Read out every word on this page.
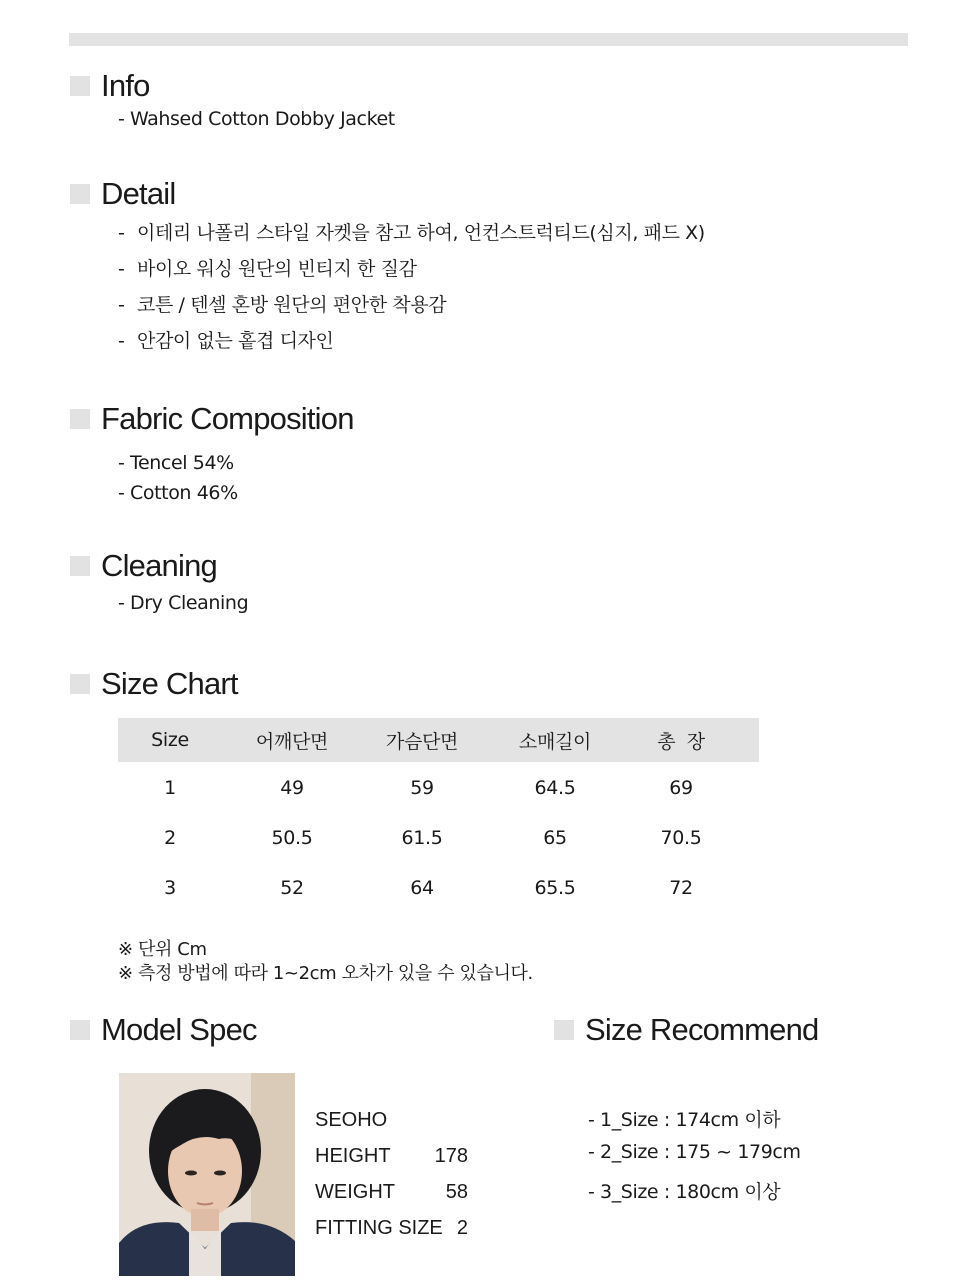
Info
- Wahsed Cotton Dobby Jacket
Detail
- 이테리 나폴리 스타일 자켓을 참고 하여, 언컨스트럭티드(심지, 패드 X)
- 바이오 워싱 원단의 빈티지 한 질감
- 코튼 / 텐셀 혼방 원단의 편안한 착용감
- 안감이 없는 홑겹 디자인
Fabric Composition
- Tencel 54%
- Cotton 46%
Cleaning
- Dry Cleaning
Size Chart
Size	어깨단면	가슴단면	소매길이	총  장
1	49	59	64.5	69
2	50.5	61.5	65	70.5
3	52	64	65.5	72
※ 단위 Cm
※ 측정 방법에 따라 1~2cm 오차가 있을 수 있습니다.
Model Spec
SEOHO
HEIGHT	178
WEIGHT	58
FITTING SIZE 2
Size Recommend
- 1_Size : 174cm 이하
- 2_Size : 175 ~ 179cm
- 3_Size : 180cm 이상
